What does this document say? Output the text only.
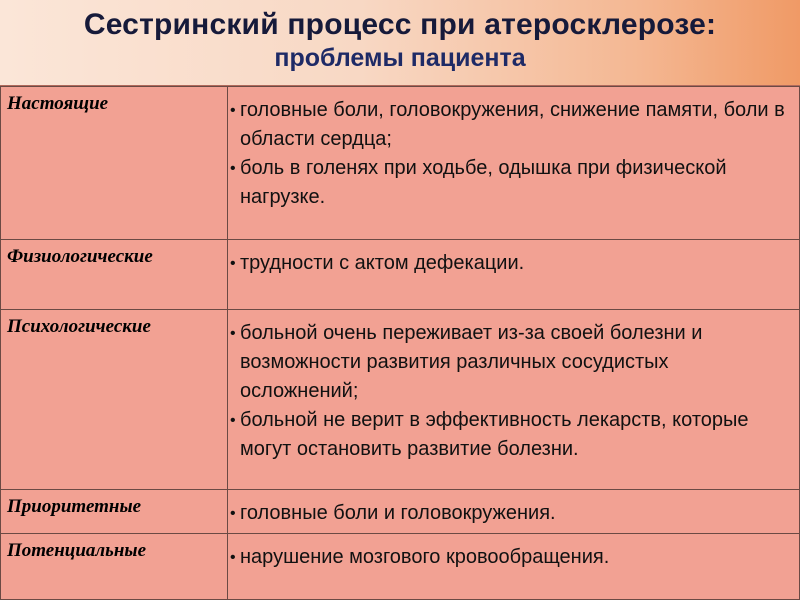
Сестринский процесс при атеросклерозе:
проблемы пациента
Настоящие	• головные боли, головокружения, снижение памяти, боли в области сердца;
• боль в голенях при ходьбе, одышка при физической нагрузке.

Физиологические	• трудности с актом дефекации.

Психологические	• больной очень переживает из-за своей болезни и возможности развития различных сосудистых осложнений;
• больной не верит в эффективность лекарств, которые могут остановить развитие болезни.

Приоритетные	• головные боли и головокружения.

Потенциальные	• нарушение мозгового кровообращения.
